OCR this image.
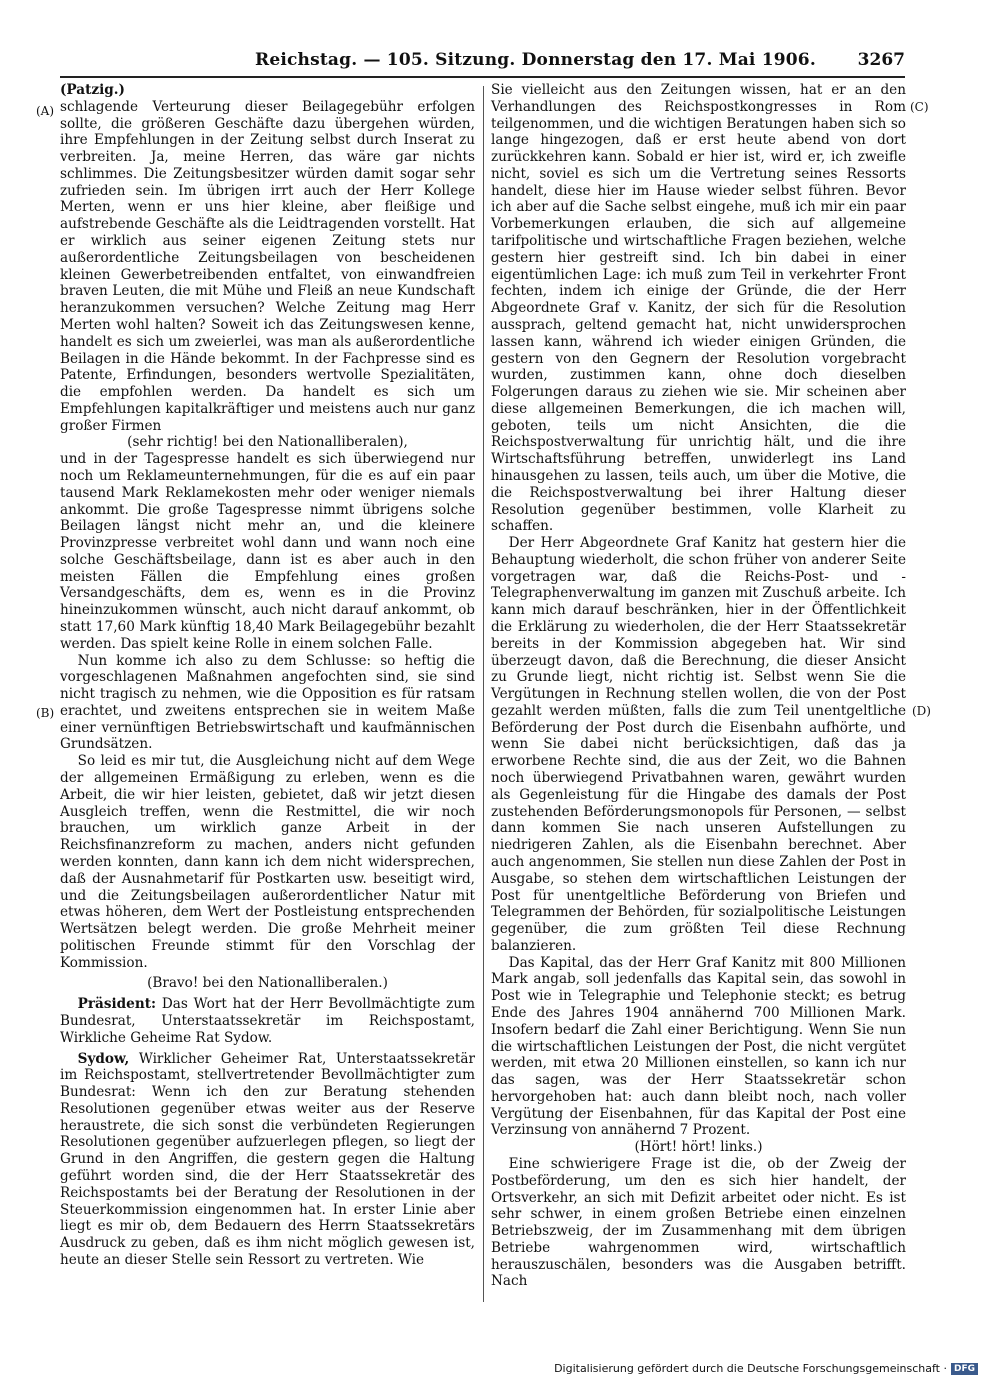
Reichstag. — 105. Sitzung. Donnerstag den 17. Mai 1906. 3267
(A)
(B)
(C)
(D)

(Patzig.)

schlagende Verteurung dieser Beilagegebühr erfolgen sollte, die größeren Geschäfte dazu übergehen würden, ihre Empfehlungen in der Zeitung selbst durch Inserat zu verbreiten. Ja, meine Herren, das wäre gar nichts schlimmes. Die Zeitungsbesitzer würden damit sogar sehr zufrieden sein. Im übrigen irrt auch der Herr Kollege Merten, wenn er uns hier kleine, aber fleißige und aufstrebende Geschäfte als die Leidtragenden vorstellt. Hat er wirklich aus seiner eigenen Zeitung stets nur außerordentliche Zeitungsbeilagen von bescheidenen kleinen Gewerbetreibenden entfaltet, von einwandfreien braven Leuten, die mit Mühe und Fleiß an neue Kundschaft heranzukommen versuchen? Welche Zeitung mag Herr Merten wohl halten? Soweit ich das Zeitungswesen kenne, handelt es sich um zweierlei, was man als außerordentliche Beilagen in die Hände bekommt. In der Fachpresse sind es Patente, Erfindungen, besonders wertvolle Spezialitäten, die empfohlen werden. Da handelt es sich um Empfehlungen kapitalkräftiger und meistens auch nur ganz großer Firmen

(sehr richtig! bei den Nationalliberalen),

und in der Tagespresse handelt es sich überwiegend nur noch um Reklameunternehmungen, für die es auf ein paar tausend Mark Reklamekosten mehr oder weniger niemals ankommt. Die große Tagespresse nimmt übrigens solche Beilagen längst nicht mehr an, und die kleinere Provinzpresse verbreitet wohl dann und wann noch eine solche Geschäftsbeilage, dann ist es aber auch in den meisten Fällen die Empfehlung eines großen Versandgeschäfts, dem es, wenn es in die Provinz hineinzukommen wünscht, auch nicht darauf ankommt, ob statt 17,60 Mark künftig 18,40 Mark Beilagegebühr bezahlt werden. Das spielt keine Rolle in einem solchen Falle.

Nun komme ich also zu dem Schlusse: so heftig die vorgeschlagenen Maßnahmen angefochten sind, sie sind nicht tragisch zu nehmen, wie die Opposition es für ratsam erachtet, und zweitens entsprechen sie in weitem Maße einer vernünftigen Betriebswirtschaft und kaufmännischen Grundsätzen.

So leid es mir tut, die Ausgleichung nicht auf dem Wege der allgemeinen Ermäßigung zu erleben, wenn es die Arbeit, die wir hier leisten, gebietet, daß wir jetzt diesen Ausgleich treffen, wenn die Restmittel, die wir noch brauchen, um wirklich ganze Arbeit in der Reichsfinanzreform zu machen, anders nicht gefunden werden konnten, dann kann ich dem nicht widersprechen, daß der Ausnahmetarif für Postkarten usw. beseitigt wird, und die Zeitungsbeilagen außerordentlicher Natur mit etwas höheren, dem Wert der Postleistung entsprechenden Wertsätzen belegt werden. Die große Mehrheit meiner politischen Freunde stimmt für den Vorschlag der Kommission.

(Bravo! bei den Nationalliberalen.)

Präsident: Das Wort hat der Herr Bevollmächtigte zum Bundesrat, Unterstaatssekretär im Reichspostamt, Wirkliche Geheime Rat Sydow.

Sydow, Wirklicher Geheimer Rat, Unterstaatssekretär im Reichspostamt, stellvertretender Bevollmächtigter zum Bundesrat: Wenn ich den zur Beratung stehenden Resolutionen gegenüber etwas weiter aus der Reserve heraustrete, die sich sonst die verbündeten Regierungen Resolutionen gegenüber aufzuerlegen pflegen, so liegt der Grund in den Angriffen, die gestern gegen die Haltung geführt worden sind, die der Herr Staatssekretär des Reichspostamts bei der Beratung der Resolutionen in der Steuerkommission eingenommen hat. In erster Linie aber liegt es mir ob, dem Bedauern des Herrn Staatssekretärs Ausdruck zu geben, daß es ihm nicht möglich gewesen ist, heute an dieser Stelle sein Ressort zu vertreten. Wie

Sie vielleicht aus den Zeitungen wissen, hat er an den Verhandlungen des Reichspostkongresses in Rom teilgenommen, und die wichtigen Beratungen haben sich so lange hingezogen, daß er erst heute abend von dort zurückkehren kann. Sobald er hier ist, wird er, ich zweifle nicht, soviel es sich um die Vertretung seines Ressorts handelt, diese hier im Hause wieder selbst führen. Bevor ich aber auf die Sache selbst eingehe, muß ich mir ein paar Vorbemerkungen erlauben, die sich auf allgemeine tarifpolitische und wirtschaftliche Fragen beziehen, welche gestern hier gestreift sind. Ich bin dabei in einer eigentümlichen Lage: ich muß zum Teil in verkehrter Front fechten, indem ich einige der Gründe, die der Herr Abgeordnete Graf v. Kanitz, der sich für die Resolution aussprach, geltend gemacht hat, nicht unwidersprochen lassen kann, während ich wieder einigen Gründen, die gestern von den Gegnern der Resolution vorgebracht wurden, zustimmen kann, ohne doch dieselben Folgerungen daraus zu ziehen wie sie. Mir scheinen aber diese allgemeinen Bemerkungen, die ich machen will, geboten, teils um nicht Ansichten, die die Reichspostverwaltung für unrichtig hält, und die ihre Wirtschaftsführung betreffen, unwiderlegt ins Land hinausgehen zu lassen, teils auch, um über die Motive, die die Reichspostverwaltung bei ihrer Haltung dieser Resolution gegenüber bestimmen, volle Klarheit zu schaffen.

Der Herr Abgeordnete Graf Kanitz hat gestern hier die Behauptung wiederholt, die schon früher von anderer Seite vorgetragen war, daß die Reichs-Post- und -Telegraphenverwaltung im ganzen mit Zuschuß arbeite. Ich kann mich darauf beschränken, hier in der Öffentlichkeit die Erklärung zu wiederholen, die der Herr Staatssekretär bereits in der Kommission abgegeben hat. Wir sind überzeugt davon, daß die Berechnung, die dieser Ansicht zu Grunde liegt, nicht richtig ist. Selbst wenn Sie die Vergütungen in Rechnung stellen wollen, die von der Post gezahlt werden müßten, falls die zum Teil unentgeltliche Beförderung der Post durch die Eisenbahn aufhörte, und wenn Sie dabei nicht berücksichtigen, daß das ja erworbene Rechte sind, die aus der Zeit, wo die Bahnen noch überwiegend Privatbahnen waren, gewährt wurden als Gegenleistung für die Hingabe des damals der Post zustehenden Beförderungsmonopols für Personen, — selbst dann kommen Sie nach unseren Aufstellungen zu niedrigeren Zahlen, als die Eisenbahn berechnet. Aber auch angenommen, Sie stellen nun diese Zahlen der Post in Ausgabe, so stehen dem wirtschaftlichen Leistungen der Post für unentgeltliche Beförderung von Briefen und Telegrammen der Behörden, für sozialpolitische Leistungen gegenüber, die zum größten Teil diese Rechnung balanzieren.

Das Kapital, das der Herr Graf Kanitz mit 800 Millionen Mark angab, soll jedenfalls das Kapital sein, das sowohl in Post wie in Telegraphie und Telephonie steckt; es betrug Ende des Jahres 1904 annähernd 700 Millionen Mark. Insofern bedarf die Zahl einer Berichtigung. Wenn Sie nun die wirtschaftlichen Leistungen der Post, die nicht vergütet werden, mit etwa 20 Millionen einstellen, so kann ich nur das sagen, was der Herr Staatssekretär schon hervorgehoben hat: auch dann bleibt noch, nach voller Vergütung der Eisenbahnen, für das Kapital der Post eine Verzinsung von annähernd 7 Prozent.

(Hört! hört! links.)

Eine schwierigere Frage ist die, ob der Zweig der Postbeförderung, um den es sich hier handelt, der Ortsverkehr, an sich mit Defizit arbeitet oder nicht. Es ist sehr schwer, in einem großen Betriebe einen einzelnen Betriebszweig, der im Zusammenhang mit dem übrigen Betriebe wahrgenommen wird, wirtschaftlich herauszuschälen, besonders was die Ausgaben betrifft. Nach

Digitalisierung gefördert durch die Deutsche Forschungsgemeinschaft · DFG
